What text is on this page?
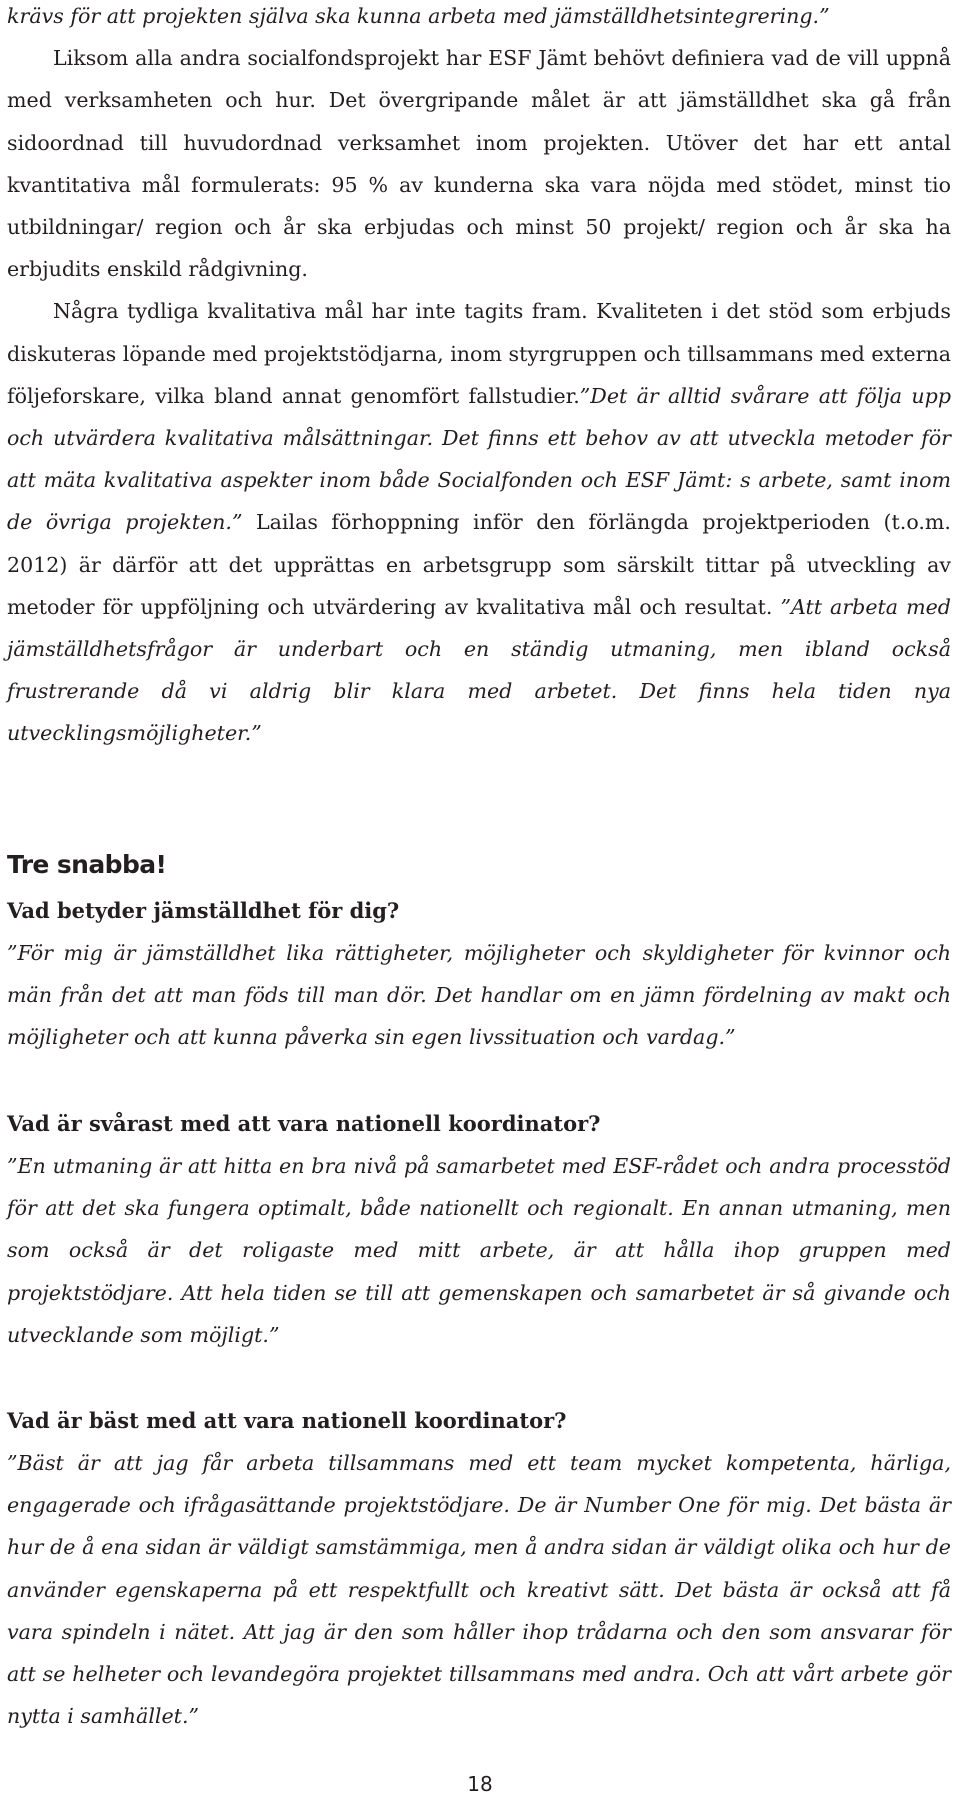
krävs för att projekten själva ska kunna arbeta med jämställdhetsintegrering.”

Liksom alla andra socialfondsprojekt har ESF Jämt behövt definiera vad de vill uppnå med verksamheten och hur. Det övergripande målet är att jämställdhet ska gå från sidoordnad till huvudordnad verksamhet inom projekten. Utöver det har ett antal kvantitativa mål formulerats: 95 % av kunderna ska vara nöjda med stödet, minst tio utbildningar/ region och år ska erbjudas och minst 50 projekt/ region och år ska ha erbjudits enskild rådgivning.

Några tydliga kvalitativa mål har inte tagits fram. Kvaliteten i det stöd som erbjuds diskuteras löpande med projektstödjarna, inom styrgruppen och tillsammans med externa följeforskare, vilka bland annat genomfört fallstudier.”Det är alltid svårare att följa upp och utvärdera kvalitativa målsättningar. Det finns ett behov av att utveckla metoder för att mäta kvalitativa aspekter inom både Socialfonden och ESF Jämt: s arbete, samt inom de övriga projekten.” Lailas förhoppning inför den förlängda projektperioden (t.o.m. 2012) är därför att det upprättas en arbetsgrupp som särskilt tittar på utveckling av metoder för uppföljning och utvärdering av kvalitativa mål och resultat. ”Att arbeta med jämställdhetsfrågor är underbart och en ständig utmaning, men ibland också frustrerande då vi aldrig blir klara med arbetet. Det finns hela tiden nya utvecklingsmöjligheter.”

Tre snabba!

Vad betyder jämställdhet för dig?

”För mig är jämställdhet lika rättigheter, möjligheter och skyldigheter för kvinnor och män från det att man föds till man dör. Det handlar om en jämn fördelning av makt och möjligheter och att kunna påverka sin egen livssituation och vardag.”

Vad är svårast med att vara nationell koordinator?

”En utmaning är att hitta en bra nivå på samarbetet med ESF-rådet och andra processtöd för att det ska fungera optimalt, både nationellt och regionalt. En annan utmaning, men som också är det roligaste med mitt arbete, är att hålla ihop gruppen med projektstödjare. Att hela tiden se till att gemenskapen och samarbetet är så givande och utvecklande som möjligt.”

Vad är bäst med att vara nationell koordinator?

”Bäst är att jag får arbeta tillsammans med ett team mycket kompetenta, härliga, engagerade och ifrågasättande projektstödjare. De är Number One för mig. Det bästa är hur de å ena sidan är väldigt samstämmiga, men å andra sidan är väldigt olika och hur de använder egenskaperna på ett respektfullt och kreativt sätt. Det bästa är också att få vara spindeln i nätet. Att jag är den som håller ihop trådarna och den som ansvarar för att se helheter och levandegöra projektet tillsammans med andra. Och att vårt arbete gör nytta i samhället.”

18
